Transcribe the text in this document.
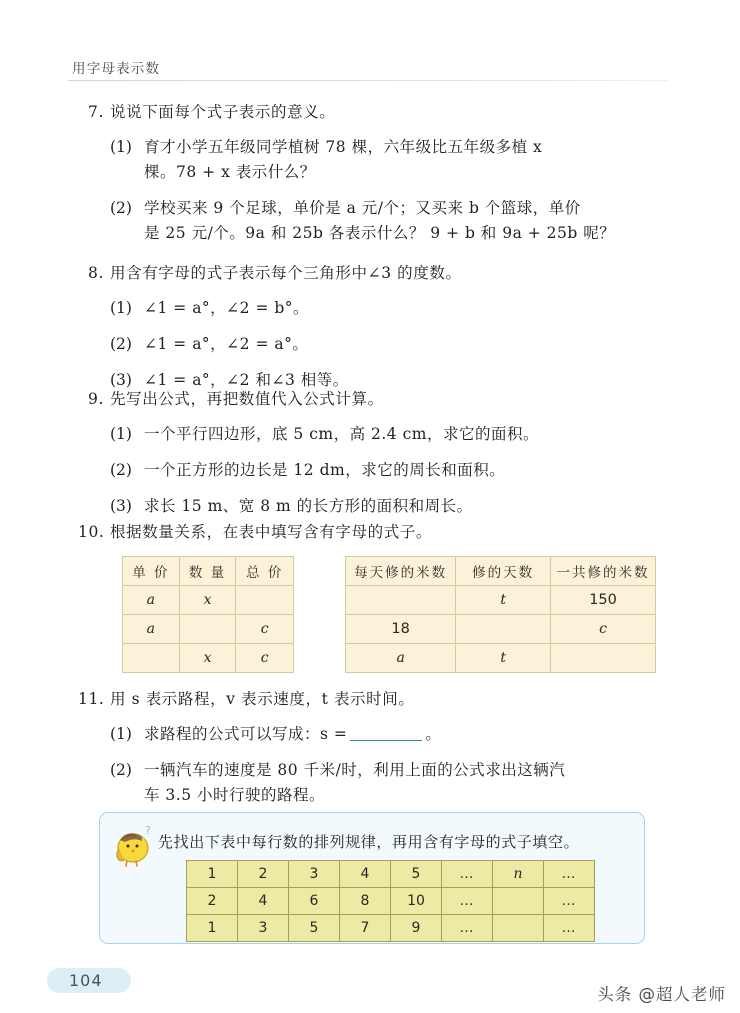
用字母表示数
7. 说说下面每个式子表示的意义。
(1) 育才小学五年级同学植树 78 棵，六年级比五年级多植 x
棵。78 + x 表示什么？
(2) 学校买来 9 个足球，单价是 a 元/个；又买来 b 个篮球，单价
是 25 元/个。9a 和 25b 各表示什么？ 9 + b 和 9a + 25b 呢？
8. 用含有字母的式子表示每个三角形中∠3 的度数。
(1) ∠1 = a°，∠2 = b°。
(2) ∠1 = a°，∠2 = a°。
(3) ∠1 = a°，∠2 和∠3 相等。
9. 先写出公式，再把数值代入公式计算。
(1) 一个平行四边形，底 5 cm，高 2.4 cm，求它的面积。
(2) 一个正方形的边长是 12 dm，求它的周长和面积。
(3) 求长 15 m、宽 8 m 的长方形的面积和周长。
10. 根据数量关系，在表中填写含有字母的式子。
单 价	数 量	总 价
a	x	
a		c
	x	c
每天修的米数	修的天数	一共修的米数
	t	150
18		c
a	t	
11. 用 s 表示路程，v 表示速度，t 表示时间。
(1) 求路程的公式可以写成：s =	。
(2) 一辆汽车的速度是 80 千米/时，利用上面的公式求出这辆汽
车 3.5 小时行驶的路程。
?
先找出下表中每行数的排列规律，再用含有字母的式子填空。
1	2	3	4	5	…	n	…
2	4	6	8	10	…		…
1	3	5	7	9	…		…
104
头条 @超人老师
